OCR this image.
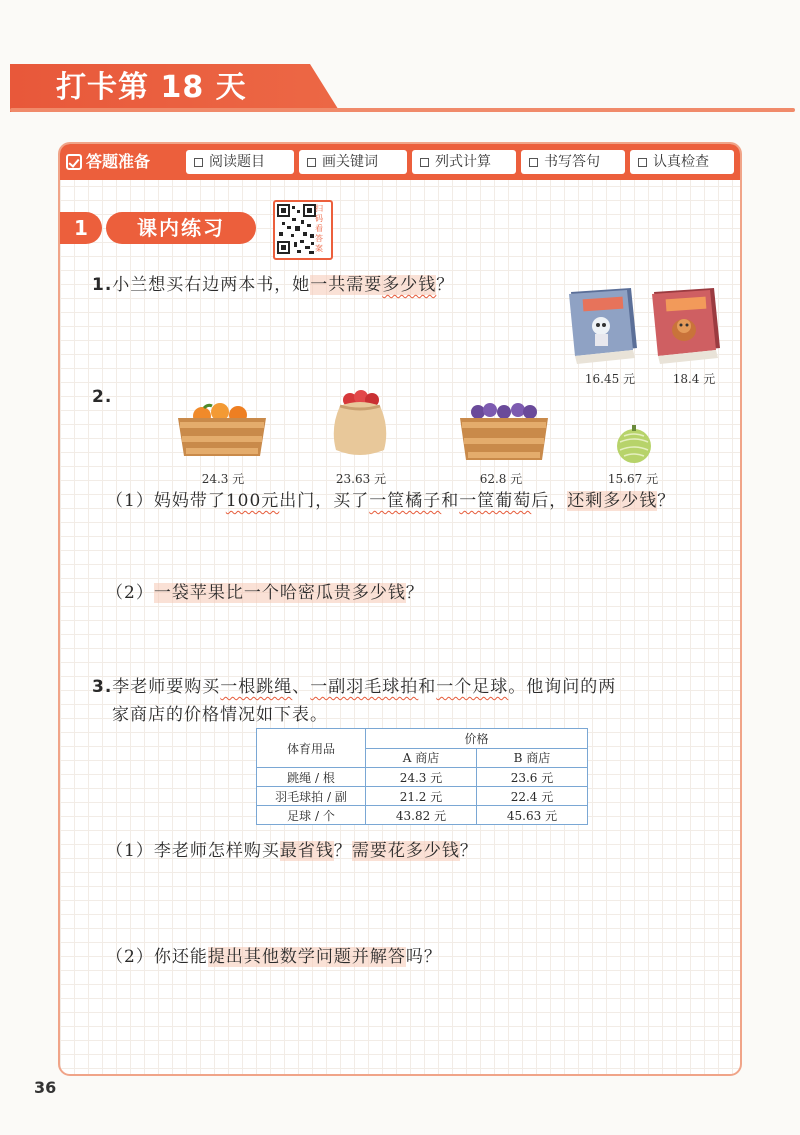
打卡第 18 天
答题准备	阅读题目	画关键词	列式计算	书写答句	认真检查
1	课内练习
扫码看答案
1.小兰想买右边两本书，她一共需要多少钱？
16.45 元	18.4 元
2.
24.3 元	23.63 元	62.8 元	15.67 元
（1）妈妈带了100元出门，买了一筐橘子和一筐葡萄后，还剩多少钱？
（2）一袋苹果比一个哈密瓜贵多少钱？
3.李老师要购买一根跳绳、一副羽毛球拍和一个足球。他询问的两
家商店的价格情况如下表。
体育用品	价格	
	A 商店	B 商店
跳绳 / 根	24.3 元	23.6 元
羽毛球拍 / 副	21.2 元	22.4 元
足球 / 个	43.82 元	45.63 元
（1）李老师怎样购买最省钱？需要花多少钱？
（2）你还能提出其他数学问题并解答吗？
36
